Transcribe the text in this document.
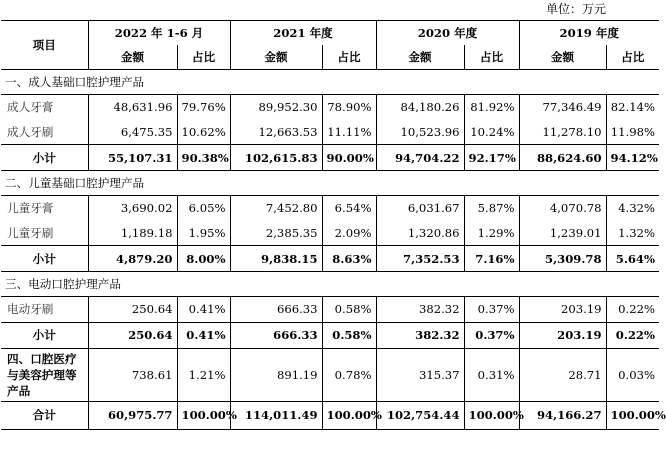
单位：万元
项目	2022 年 1-6 月		2021 年度		2020 年度		2019 年度	
	金额	占比	金额	占比	金额	占比	金额	占比
一、成人基础口腔护理产品								
成人牙膏	48,631.96	79.76%	89,952.30	78.90%	84,180.26	81.92%	77,346.49	82.14%
成人牙刷	6,475.35	10.62%	12,663.53	11.11%	10,523.96	10.24%	11,278.10	11.98%
小计	55,107.31	90.38%	102,615.83	90.00%	94,704.22	92.17%	88,624.60	94.12%
二、儿童基础口腔护理产品								
儿童牙膏	3,690.02	6.05%	7,452.80	6.54%	6,031.67	5.87%	4,070.78	4.32%
儿童牙刷	1,189.18	1.95%	2,385.35	2.09%	1,320.86	1.29%	1,239.01	1.32%
小计	4,879.20	8.00%	9,838.15	8.63%	7,352.53	7.16%	5,309.78	5.64%
三、电动口腔护理产品								
电动牙刷	250.64	0.41%	666.33	0.58%	382.32	0.37%	203.19	0.22%
小计	250.64	0.41%	666.33	0.58%	382.32	0.37%	203.19	0.22%
四、口腔医疗与美容护理等产品	738.61	1.21%	891.19	0.78%	315.37	0.31%	28.71	0.03%
合计	60,975.77	100.00%	114,011.49	100.00%	102,754.44	100.00%	94,166.27	100.00%
